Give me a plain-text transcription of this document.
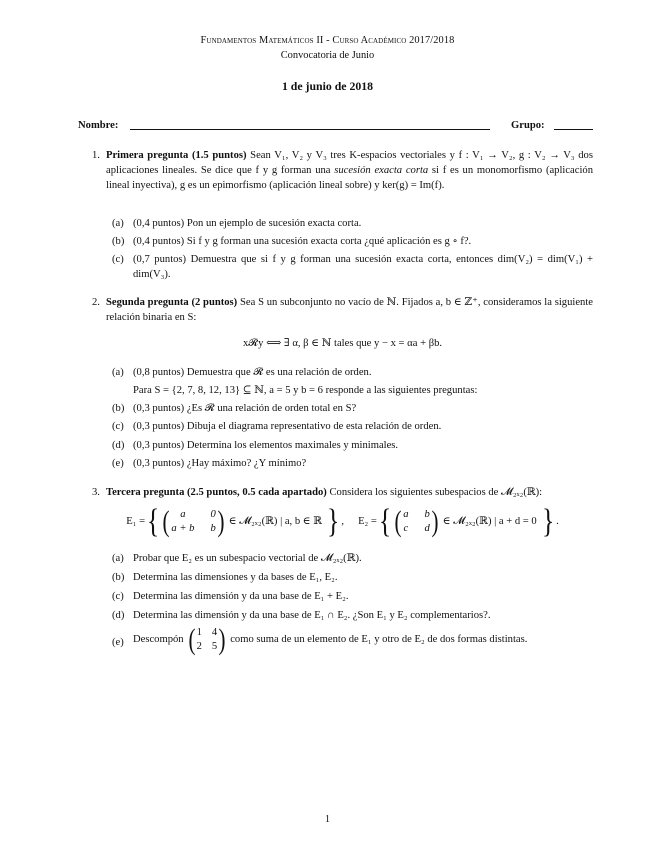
Fundamentos Matemáticos II - Curso Académico 2017/2018
Convocatoria de Junio
1 de junio de 2018
Nombre:	Grupo:
1. Primera pregunta (1.5 puntos) Sean V₁, V₂ y V₃ tres K-espacios vectoriales y f : V₁ → V₂, g : V₂ → V₃ dos aplicaciones lineales. Se dice que f y g forman una sucesión exacta corta si f es un monomorfismo (aplicación lineal inyectiva), g es un epimorfismo (aplicación lineal sobre) y ker(g) = Im(f).
(a) (0,4 puntos) Pon un ejemplo de sucesión exacta corta.
(b) (0,4 puntos) Si f y g forman una sucesión exacta corta ¿qué aplicación es g ∘ f?.
(c) (0,7 puntos) Demuestra que si f y g forman una sucesión exacta corta, entonces dim(V₂) = dim(V₁) + dim(V₃).
2. Segunda pregunta (2 puntos) Sea S un subconjunto no vacío de ℕ. Fijados a, b ∈ ℤ⁺, consideramos la siguiente relación binaria en S:
x𝓡y ⟺ ∃ α, β ∈ ℕ tales que y − x = αa + βb.
(a) (0,8 puntos) Demuestra que 𝓡 es una relación de orden.
Para S = {2, 7, 8, 12, 13} ⊆ ℕ, a = 5 y b = 6 responde a las siguientes preguntas:
(b) (0,3 puntos) ¿Es 𝓡 una relación de orden total en S?
(c) (0,3 puntos) Dibuja el diagrama representativo de esta relación de orden.
(d) (0,3 puntos) Determina los elementos maximales y minimales.
(e) (0,3 puntos) ¿Hay máximo? ¿Y mínimo?
3. Tercera pregunta (2.5 puntos, 0.5 cada apartado) Considera los siguientes subespacios de 𝓜₂ₓ₂(ℝ):
E₁ = { ( a	0
a + b b ) ∈ 𝓜₂ₓ₂(ℝ) | a, b ∈ ℝ } , E₂ = { ( a b
c d ) ∈ 𝓜₂ₓ₂(ℝ) | a + d = 0 } .
(a) Probar que E₂ es un subespacio vectorial de 𝓜₂ₓ₂(ℝ).
(b) Determina las dimensiones y da bases de E₁, E₂.
(c) Determina las dimensión y da una base de E₁ + E₂.
(d) Determina las dimensión y da una base de E₁ ∩ E₂. ¿Son E₁ y E₂ complementarios?.
(e) Descompón ( 1 4
2 5 ) como suma de un elemento de E₁ y otro de E₂ de dos formas distintas.
1
